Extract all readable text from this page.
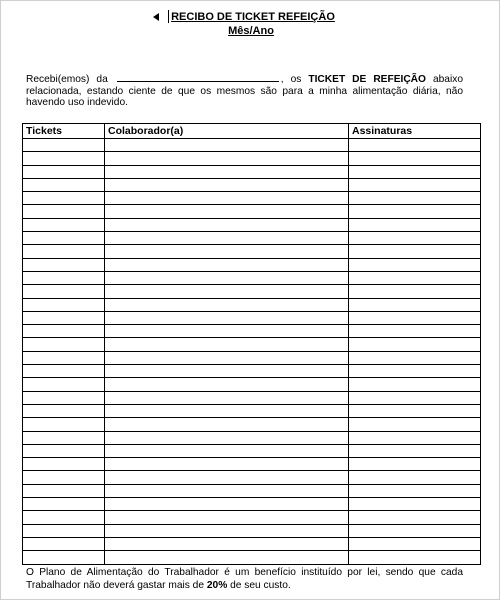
RECIBO DE TICKET REFEIÇÃO
Mês/Ano
Recebi(emos) da	, os TICKET DE REFEIÇÃO abaixo relacionada, estando ciente de que os mesmos são para a minha alimentação diária, não havendo uso indevido.
Tickets	Colaborador(a)	Assinaturas

O Plano de Alimentação do Trabalhador é um benefício instituído por lei, sendo que cada Trabalhador não deverá gastar mais de 20% de seu custo.
